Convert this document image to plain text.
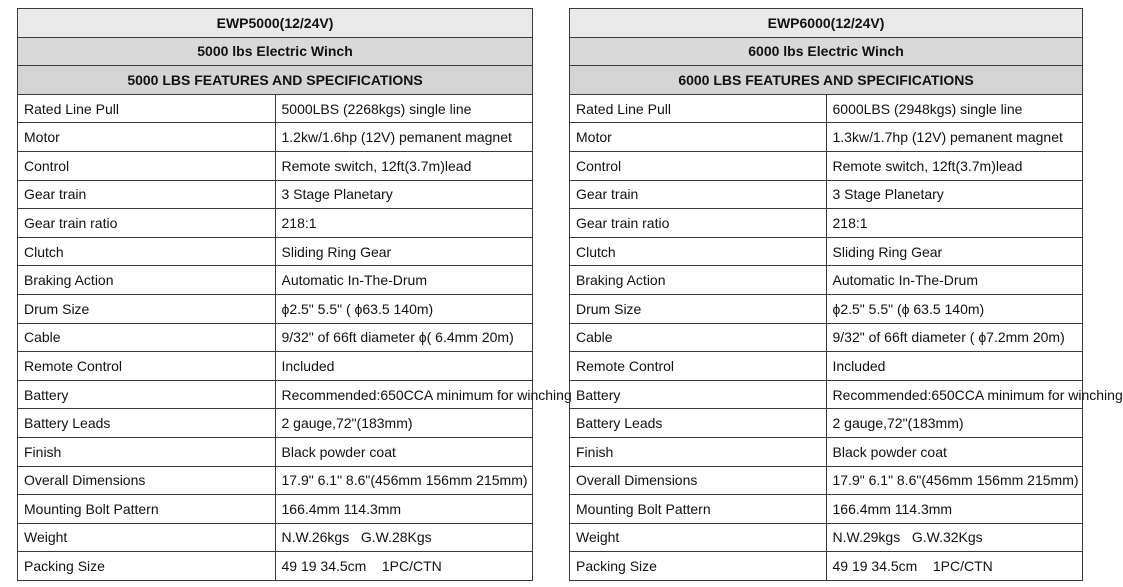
EWP5000(12/24V)	
5000 lbs Electric Winch	
5000 LBS FEATURES AND SPECIFICATIONS	
Rated Line Pull	5000LBS (2268kgs) single line
Motor	1.2kw/1.6hp (12V) pemanent magnet
Control	Remote switch, 12ft(3.7m)lead
Gear train	3 Stage Planetary
Gear train ratio	218:1
Clutch	Sliding Ring Gear
Braking Action	Automatic In-The-Drum
Drum Size	ϕ2.5" 5.5" ( ϕ63.5 140m)
Cable	9/32" of 66ft diameter ϕ( 6.4mm 20m)
Remote Control	Included
Battery	Recommended:650CCA minimum for winching
Battery Leads	2 gauge,72"(183mm)
Finish	Black powder coat
Overall Dimensions	17.9" 6.1" 8.6"(456mm 156mm 215mm)
Mounting Bolt Pattern	166.4mm 114.3mm
Weight	N.W.26kgs   G.W.28Kgs
Packing Size	49 19 34.5cm    1PC/CTN
EWP6000(12/24V)	
6000 lbs Electric Winch	
6000 LBS FEATURES AND SPECIFICATIONS	
Rated Line Pull	6000LBS (2948kgs) single line
Motor	1.3kw/1.7hp (12V) pemanent magnet
Control	Remote switch, 12ft(3.7m)lead
Gear train	3 Stage Planetary
Gear train ratio	218:1
Clutch	Sliding Ring Gear
Braking Action	Automatic In-The-Drum
Drum Size	ϕ2.5" 5.5" (ϕ 63.5 140m)
Cable	9/32" of 66ft diameter ( ϕ7.2mm 20m)
Remote Control	Included
Battery	Recommended:650CCA minimum for winching
Battery Leads	2 gauge,72"(183mm)
Finish	Black powder coat
Overall Dimensions	17.9" 6.1" 8.6"(456mm 156mm 215mm)
Mounting Bolt Pattern	166.4mm 114.3mm
Weight	N.W.29kgs   G.W.32Kgs
Packing Size	49 19 34.5cm    1PC/CTN
